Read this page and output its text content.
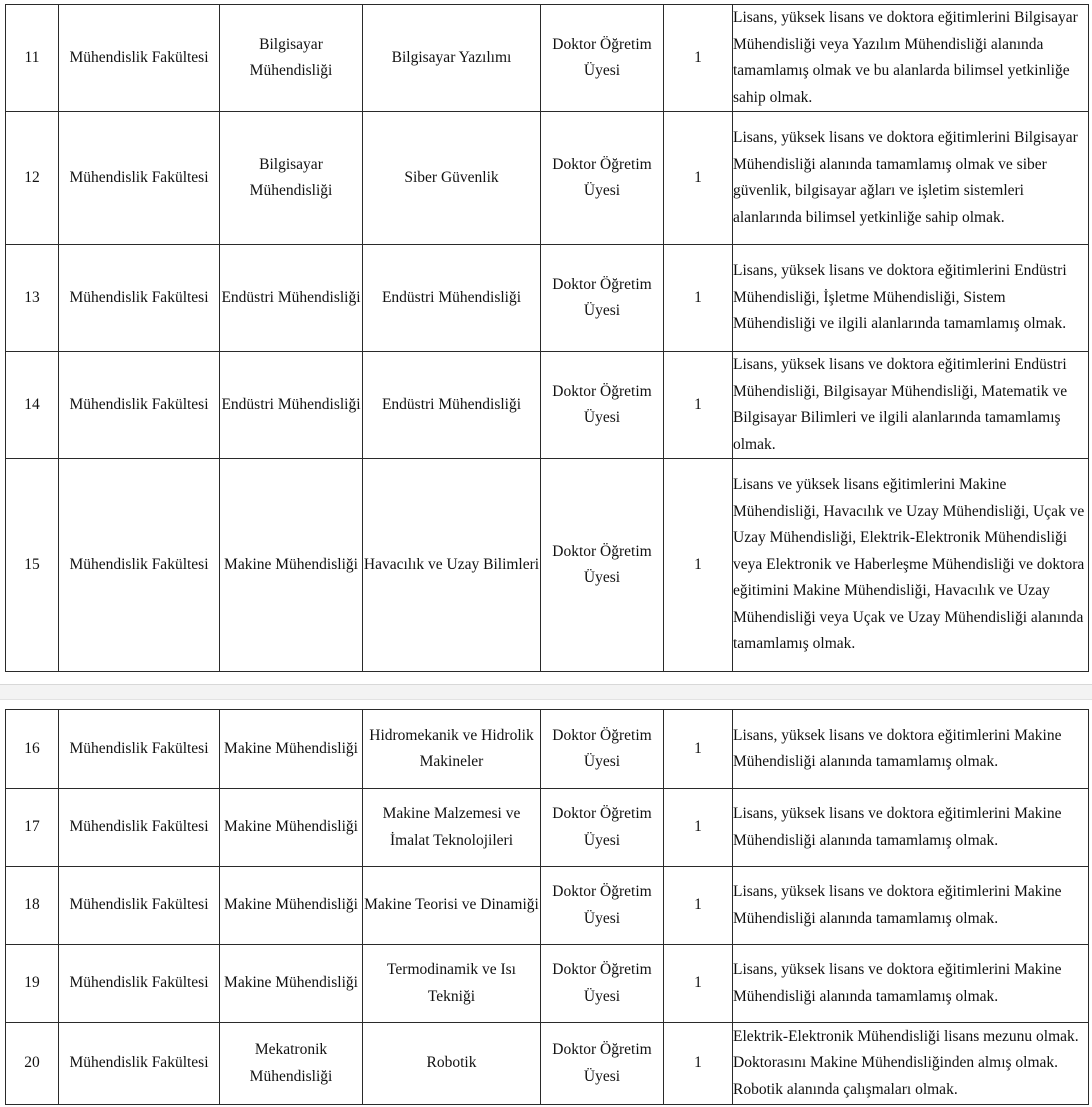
11	Mühendislik Fakültesi	Bilgisayar Mühendisliği	Bilgisayar Yazılımı	Doktor Öğretim Üyesi	1	Lisans, yüksek lisans ve doktora eğitimlerini Bilgisayar Mühendisliği veya Yazılım Mühendisliği alanında tamamlamış olmak ve bu alanlarda bilimsel yetkinliğe sahip olmak.
12	Mühendislik Fakültesi	Bilgisayar Mühendisliği	Siber Güvenlik	Doktor Öğretim Üyesi	1	Lisans, yüksek lisans ve doktora eğitimlerini Bilgisayar Mühendisliği alanında tamamlamış olmak ve siber güvenlik, bilgisayar ağları ve işletim sistemleri alanlarında bilimsel yetkinliğe sahip olmak.
13	Mühendislik Fakültesi	Endüstri Mühendisliği	Endüstri Mühendisliği	Doktor Öğretim Üyesi	1	Lisans, yüksek lisans ve doktora eğitimlerini Endüstri Mühendisliği, İşletme Mühendisliği, Sistem Mühendisliği ve ilgili alanlarında tamamlamış olmak.
14	Mühendislik Fakültesi	Endüstri Mühendisliği	Endüstri Mühendisliği	Doktor Öğretim Üyesi	1	Lisans, yüksek lisans ve doktora eğitimlerini Endüstri Mühendisliği, Bilgisayar Mühendisliği, Matematik ve Bilgisayar Bilimleri ve ilgili alanlarında tamamlamış olmak.
15	Mühendislik Fakültesi	Makine Mühendisliği	Havacılık ve Uzay Bilimleri	Doktor Öğretim Üyesi	1	Lisans ve yüksek lisans eğitimlerini Makine Mühendisliği, Havacılık ve Uzay Mühendisliği, Uçak ve Uzay Mühendisliği, Elektrik-Elektronik Mühendisliği veya Elektronik ve Haberleşme Mühendisliği ve doktora eğitimini Makine Mühendisliği, Havacılık ve Uzay Mühendisliği veya Uçak ve Uzay Mühendisliği alanında tamamlamış olmak.
16	Mühendislik Fakültesi	Makine Mühendisliği	Hidromekanik ve Hidrolik Makineler	Doktor Öğretim Üyesi	1	Lisans, yüksek lisans ve doktora eğitimlerini Makine Mühendisliği alanında tamamlamış olmak.
17	Mühendislik Fakültesi	Makine Mühendisliği	Makine Malzemesi ve İmalat Teknolojileri	Doktor Öğretim Üyesi	1	Lisans, yüksek lisans ve doktora eğitimlerini Makine Mühendisliği alanında tamamlamış olmak.
18	Mühendislik Fakültesi	Makine Mühendisliği	Makine Teorisi ve Dinamiği	Doktor Öğretim Üyesi	1	Lisans, yüksek lisans ve doktora eğitimlerini Makine Mühendisliği alanında tamamlamış olmak.
19	Mühendislik Fakültesi	Makine Mühendisliği	Termodinamik ve Isı Tekniği	Doktor Öğretim Üyesi	1	Lisans, yüksek lisans ve doktora eğitimlerini Makine Mühendisliği alanında tamamlamış olmak.
20	Mühendislik Fakültesi	Mekatronik Mühendisliği	Robotik	Doktor Öğretim Üyesi	1	Elektrik-Elektronik Mühendisliği lisans mezunu olmak. Doktorasını Makine Mühendisliğinden almış olmak. Robotik alanında çalışmaları olmak.
